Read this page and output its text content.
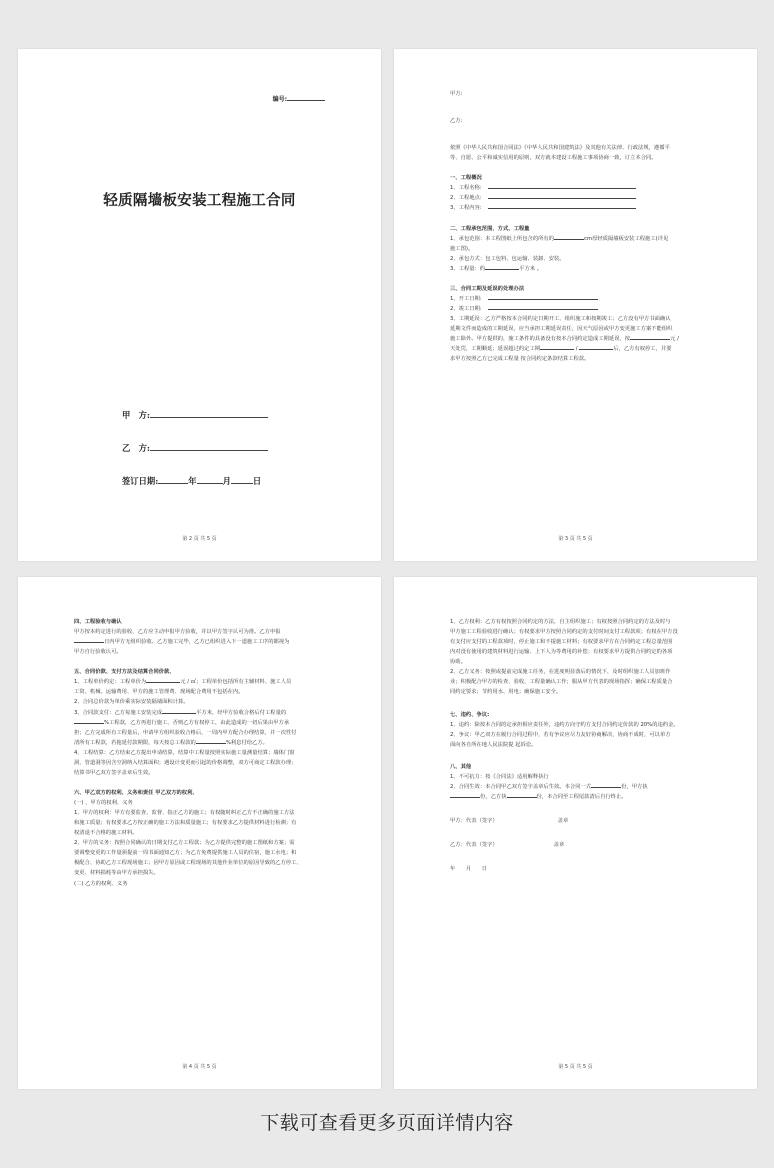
编号:
轻质隔墙板安装工程施工合同
甲　方:
乙　方:
签订日期:	年	月	日
第 2 页 共 5 页

甲方:

乙方:

依照《中华人民共和国合同法》《中华人民共和国建筑法》及其他有关法律、行政法规，遵循平

等、自愿、公平和诚实信用的原则，双方就本建设工程施工事项协商一致，订立本合同。

一、工程概况

1、工程名称:

2、工程地点:

3、工程内容:

二、工程承包范围、方式、工程量

1、承包范围：本工程图纸上所包含的所有的	cm厚轻质隔墙板安装工程施工(详见

施工图)。

2、承包方式：包工包料、包运输、装卸、安装。

3、工程量：约	平方米 。

三、合同工期及延误的处理办法

1、开工日期:

2、竣工日期:

3、工期延误：乙方严格按本合同约定日期开工、组织施工和按期竣工；乙方没有甲方书面确认

延期文件而造成的工期延误，应当承担工期延误责任，因天气原因或甲方变更施工方案不能组织

施工除外。甲方提供的，施工条件的具备没有按本合同约定造成工期延误，按	元 /

天处罚，工期顺延；延误超过约定工期	/	后，乙方有权停工，并要

求甲方按照乙方已完成工程量 按合同约定条款结算工程款。

第 3 页 共 5 页

四、工程验收与确认

甲方按本约定进行的验收，乙方应主动申报甲方验收，并以甲方签字认可为准。乙方申报

日内甲方无组织验收、乙方施工完毕，乙方已组织进入下一道施工工序的都视为

甲方自行验收认可。

五、合同价款、支付方法及结算合同价款、

1、工程单价约定：工程单价为	元 / ㎡；工程单价包括所有主辅材料、施工人员

工资、机械、运输费用、甲方的施工管理费、现场配合费用不包括在内。

2、合同总价款为单价乘实际安装隔墙面积计算。

3、合同款支付：乙方每施工安装完成	平方米，经甲方验收合格后付工程量的

%工程款，乙方再进行施工，否则乙方有权停工，由此造成的一切后果由甲方承

担；乙方完成所有工程量后，申请甲方组织验收合格后，一周内甲方配合办理结算，并一次性付

清所有工程款，若拖延付款期限，每天按总工程款的	%利息付给乙方。

4、工程结算：乙方结束乙方提出申请结算，结算中工程量按照实际施工量测量结算；墙体门窗

洞、管道洞等因含空洞纳入结算面积；遇设计变更而引起的价格调整，双方可商定工程款办理；

结算书甲乙双方签字盖章后生效。

六、甲乙双方的权利、义务和责任 甲乙双方的权利、

(一) 、甲方的权利、义务

1、甲方的权利：甲方有要监查、监督、指正乙方的施工；有权随时纠正乙方不正确的施工方法

和施工质量；有权要求乙方按正确的施工方法和质量施工；有权要求乙方提供材料进行检测；有

权清退不合格的施工材料。

2、甲方的义务：按照合同确认的日期支付乙方工程款；为乙方提供完整的施工图纸和方案；需

要调整变更的工作量须提前一周书面通知乙方；为乙方免费提供施工人员的住宿，施工水电；积

极配合、协助乙方工程现场施工；因甲方原因或工程现场的其他作业单位的原因导致的乙方停工、

变更、材料损耗等由甲方承担损失。

(二) 乙方的权利、义务

第 4 页 共 5 页

1、乙方权利：乙方有权按照合同约定的方法，自主组织施工；有权按照合同约定的方法及时与

甲方施工工程验收进行确认；有权要求甲方按照合同约定的支付时间支付工程款项；有权在甲方没

有支付应支付的工程款项时，停止施工和不提施工材料；有权要求甲方在合同约定工程总量范围

内对没有使用的建筑材料进行运输、上下人为等费用的补偿；有权要求甲方提供合同约定的各项

协助。

2、乙方义务：按照或提前完成施工任务，在进度明显落后的情况下，及时组织施工人员加班作

业；积极配合甲方的检查、验收，工程量确认工作；服从甲方代表的现场指挥；确保工程质量合

同约定要求；节约用水、用电；确保施工安全。

七、违约、争议:

1、违约：除按本合同的定承担相应责任外，违约方向守约方支付合同约定价款的 20%的违约金。

2、争议：甲乙双方在履行合同过程中，若有争议应尽力友好协商解决，协商不成时，可以单方

面向各自所在地人民法院提 起诉讼。

八、其他

1、不可抗力：按《合同法》适用解释执行

2、合同生效：本合同甲乙双方签字盖章后生效。本合同一式	份，甲方执

份，乙方执	份，本合同至工程尾款清后自行终止。

甲方：代表（签字）	盖章

乙方：代表（签字）	盖章

年　　月　　日

第 5 页 共 5 页
下载可查看更多页面详情内容
